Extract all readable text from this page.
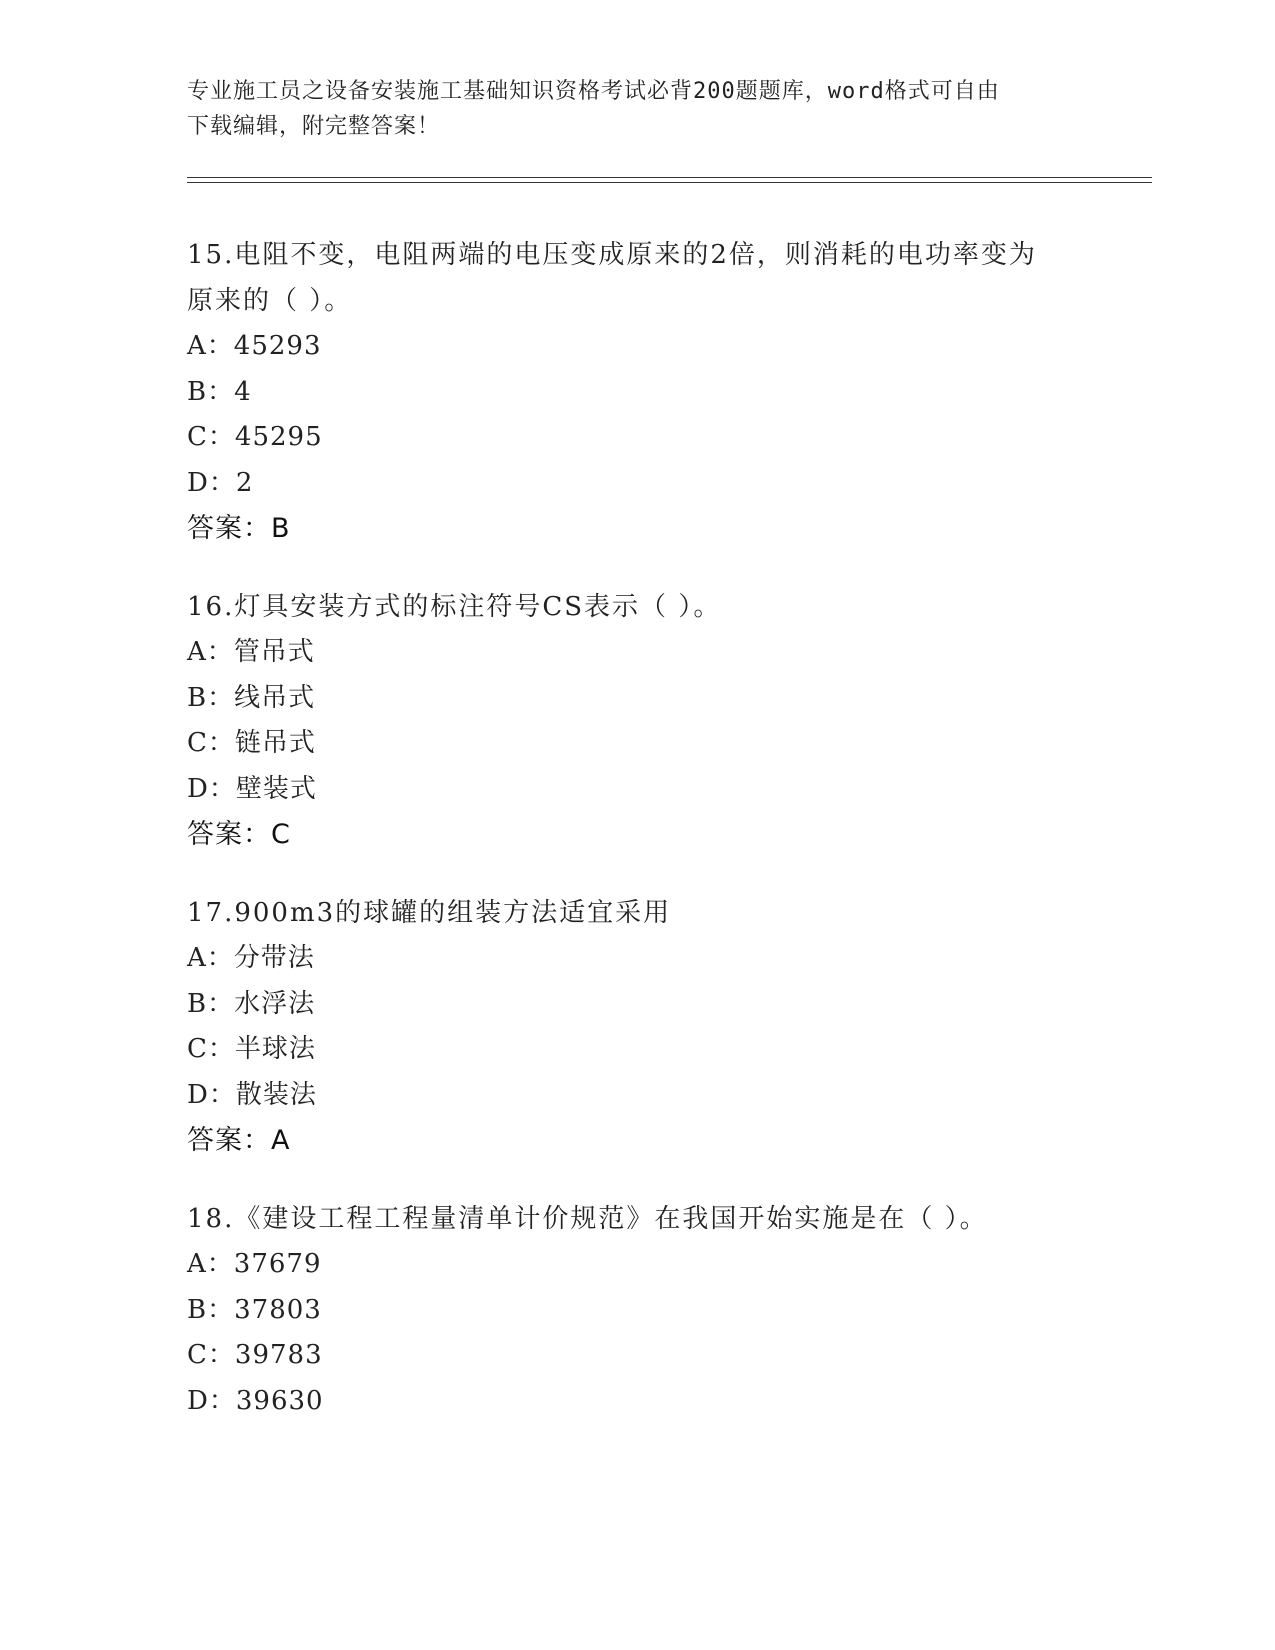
专业施工员之设备安装施工基础知识资格考试必背200题题库，word格式可自由
下载编辑，附完整答案！

15.电阻不变，电阻两端的电压变成原来的2倍，则消耗的电功率变为

原来的（ ）。

A：45293

B：4

C：45295

D：2

答案：B

16.灯具安装方式的标注符号CS表示（ ）。

A：管吊式

B：线吊式

C：链吊式

D：壁装式

答案：C

17.900m3的球罐的组装方法适宜采用

A：分带法

B：水浮法

C：半球法

D：散装法

答案：A

18.《建设工程工程量清单计价规范》在我国开始实施是在（ ）。

A：37679

B：37803

C：39783

D：39630
